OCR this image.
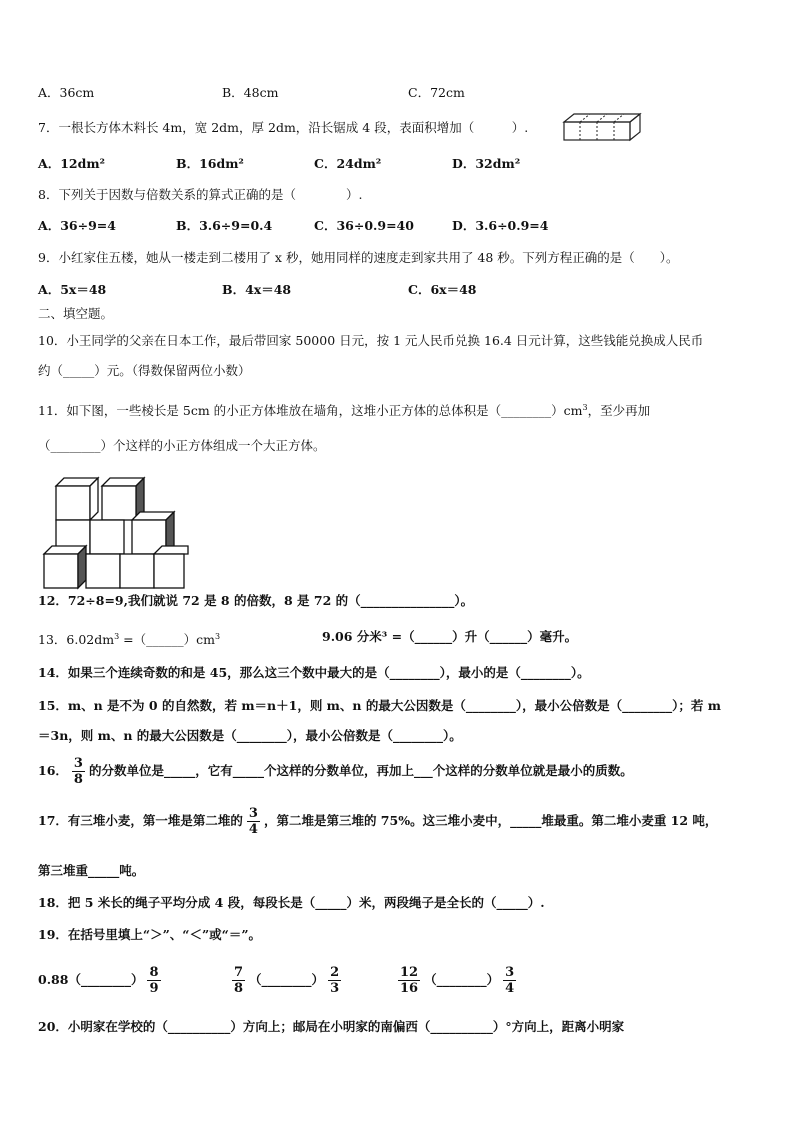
A．36cm	B．48cm	C．72cm
7．一根长方体木料长 4m，宽 2dm，厚 2dm，沿长锯成 4 段，表面积增加（　　　）.
A．12dm²	B．16dm²	C．24dm²	D．32dm²
8．下列关于因数与倍数关系的算式正确的是（　　　　）.
A．36÷9=4	B．3.6÷9=0.4	C．36÷0.9=40	D．3.6÷0.9=4
9．小红家住五楼，她从一楼走到二楼用了 x 秒，她用同样的速度走到家共用了 48 秒。下列方程正确的是（　　）。
A．5x＝48	B．4x＝48	C．6x＝48
二、填空题。
10．小王同学的父亲在日本工作，最后带回家 50000 日元，按 1 元人民币兑换 16.4 日元计算，这些钱能兑换成人民币
约（_____）元。（得数保留两位小数）
11．如下图，一些棱长是 5cm 的小正方体堆放在墙角，这堆小正方体的总体积是$(\_\_\_\_\_\_\_\_)cm^3$，至少再加
（________）个这样的小正方体组成一个大正方体。
12．72÷8=9,我们就说 72 是 8 的倍数，8 是 72 的（_______________）。
13．$6.02dm^3$ $=(\_\_\_\_\_\_)cm^3$	9.06 分米³ =（______）升（______）毫升。
14．如果三个连续奇数的和是 45，那么这三个数中最大的是（________），最小的是（________）。
15．m、n 是不为 0 的自然数，若 m＝n＋1，则 m、n 的最大公因数是（________），最小公倍数是（________）；若 m
＝3n，则 m、n 的最大公因数是（________），最小公倍数是（________）。
16． $\frac{3}{8}$ 的分数单位是_____，它有_____个这样的分数单位，再加上___个这样的分数单位就是最小的质数。
17．有三堆小麦，第一堆是第二堆的 $\frac{3}{4}$ ，第二堆是第三堆的 75%。这三堆小麦中，_____堆最重。第二堆小麦重 12 吨，
第三堆重_____吨。
18．把 5 米长的绳子平均分成 4 段，每段长是（_____）米，两段绳子是全长的（_____）.
19．在括号里填上“＞”、“＜”或“＝”。
0.88（________） $\frac{8}{9}$	$\frac{7}{8}$ （________） $\frac{2}{3}$	$\frac{12}{16}$ （________） $\frac{3}{4}$
20．小明家在学校的（__________）方向上；邮局在小明家的南偏西（__________）°方向上，距离小明家
